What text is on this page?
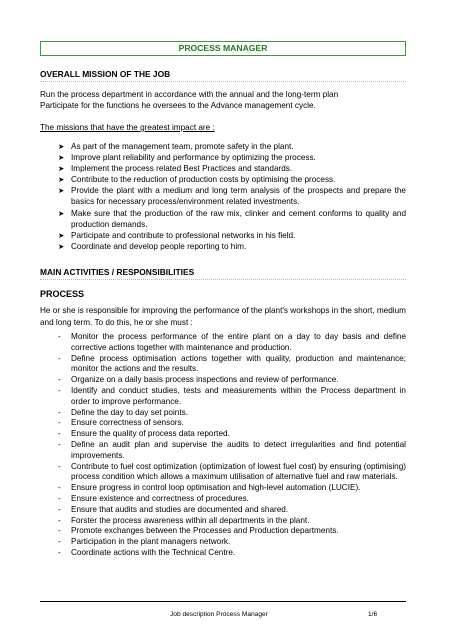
PROCESS MANAGER
OVERALL MISSION OF THE JOB
Run the process department in accordance with the annual and the long-term plan
Participate for the functions he oversees to the Advance management cycle.
The missions that have the greatest impact are :
➤ As part of the management team, promote safety in the plant.
➤ Improve plant reliability and performance by optimizing the process.
➤ Implement the process related Best Practices and standards.
➤ Contribute to the reduction of production costs by optimising the process.
➤ Provide the plant with a medium and long term analysis of the prospects and prepare the basics for necessary process/environment related investments.
➤ Make sure that the production of the raw mix, clinker and cement conforms to quality and production demands.
➤ Participate and contribute to professional networks in his field.
➤ Coordinate and develop people reporting to him.
MAIN ACTIVITIES / RESPONSIBILITIES
PROCESS
He or she is responsible for improving the performance of the plant's workshops in the short, medium and long term. To do this, he or she must :
- Monitor the process performance of the entire plant on a day to day basis and define corrective actions together with maintenance and production.
- Define process optimisation actions together with quality, production and maintenance; monitor the actions and the results.
- Organize on a daily basis process inspections and review of performance.
- Identify and conduct studies, tests and measurements within the Process department in order to improve performance.
- Define the day to day set points.
- Ensure correctness of sensors.
- Ensure the quality of process data reported.
- Define an audit plan and supervise the audits to detect irregularities and find potential improvements.
- Contribute to fuel cost optimization (optimization of lowest fuel cost) by ensuring (optimising) process condition which allows a maximum utilisation of alternative fuel and raw materials.
- Ensure progress in control loop optimisation and high-level automation (LUCIE).
- Ensure existence and correctness of procedures.
- Ensure that audits and studies are documented and shared.
- Forster the process awareness within all departments in the plant.
- Promote exchanges between the Processes and Production departments.
- Participation in the plant managers network.
- Coordinate actions with the Technical Centre.
Job description Process Manager	1/6
